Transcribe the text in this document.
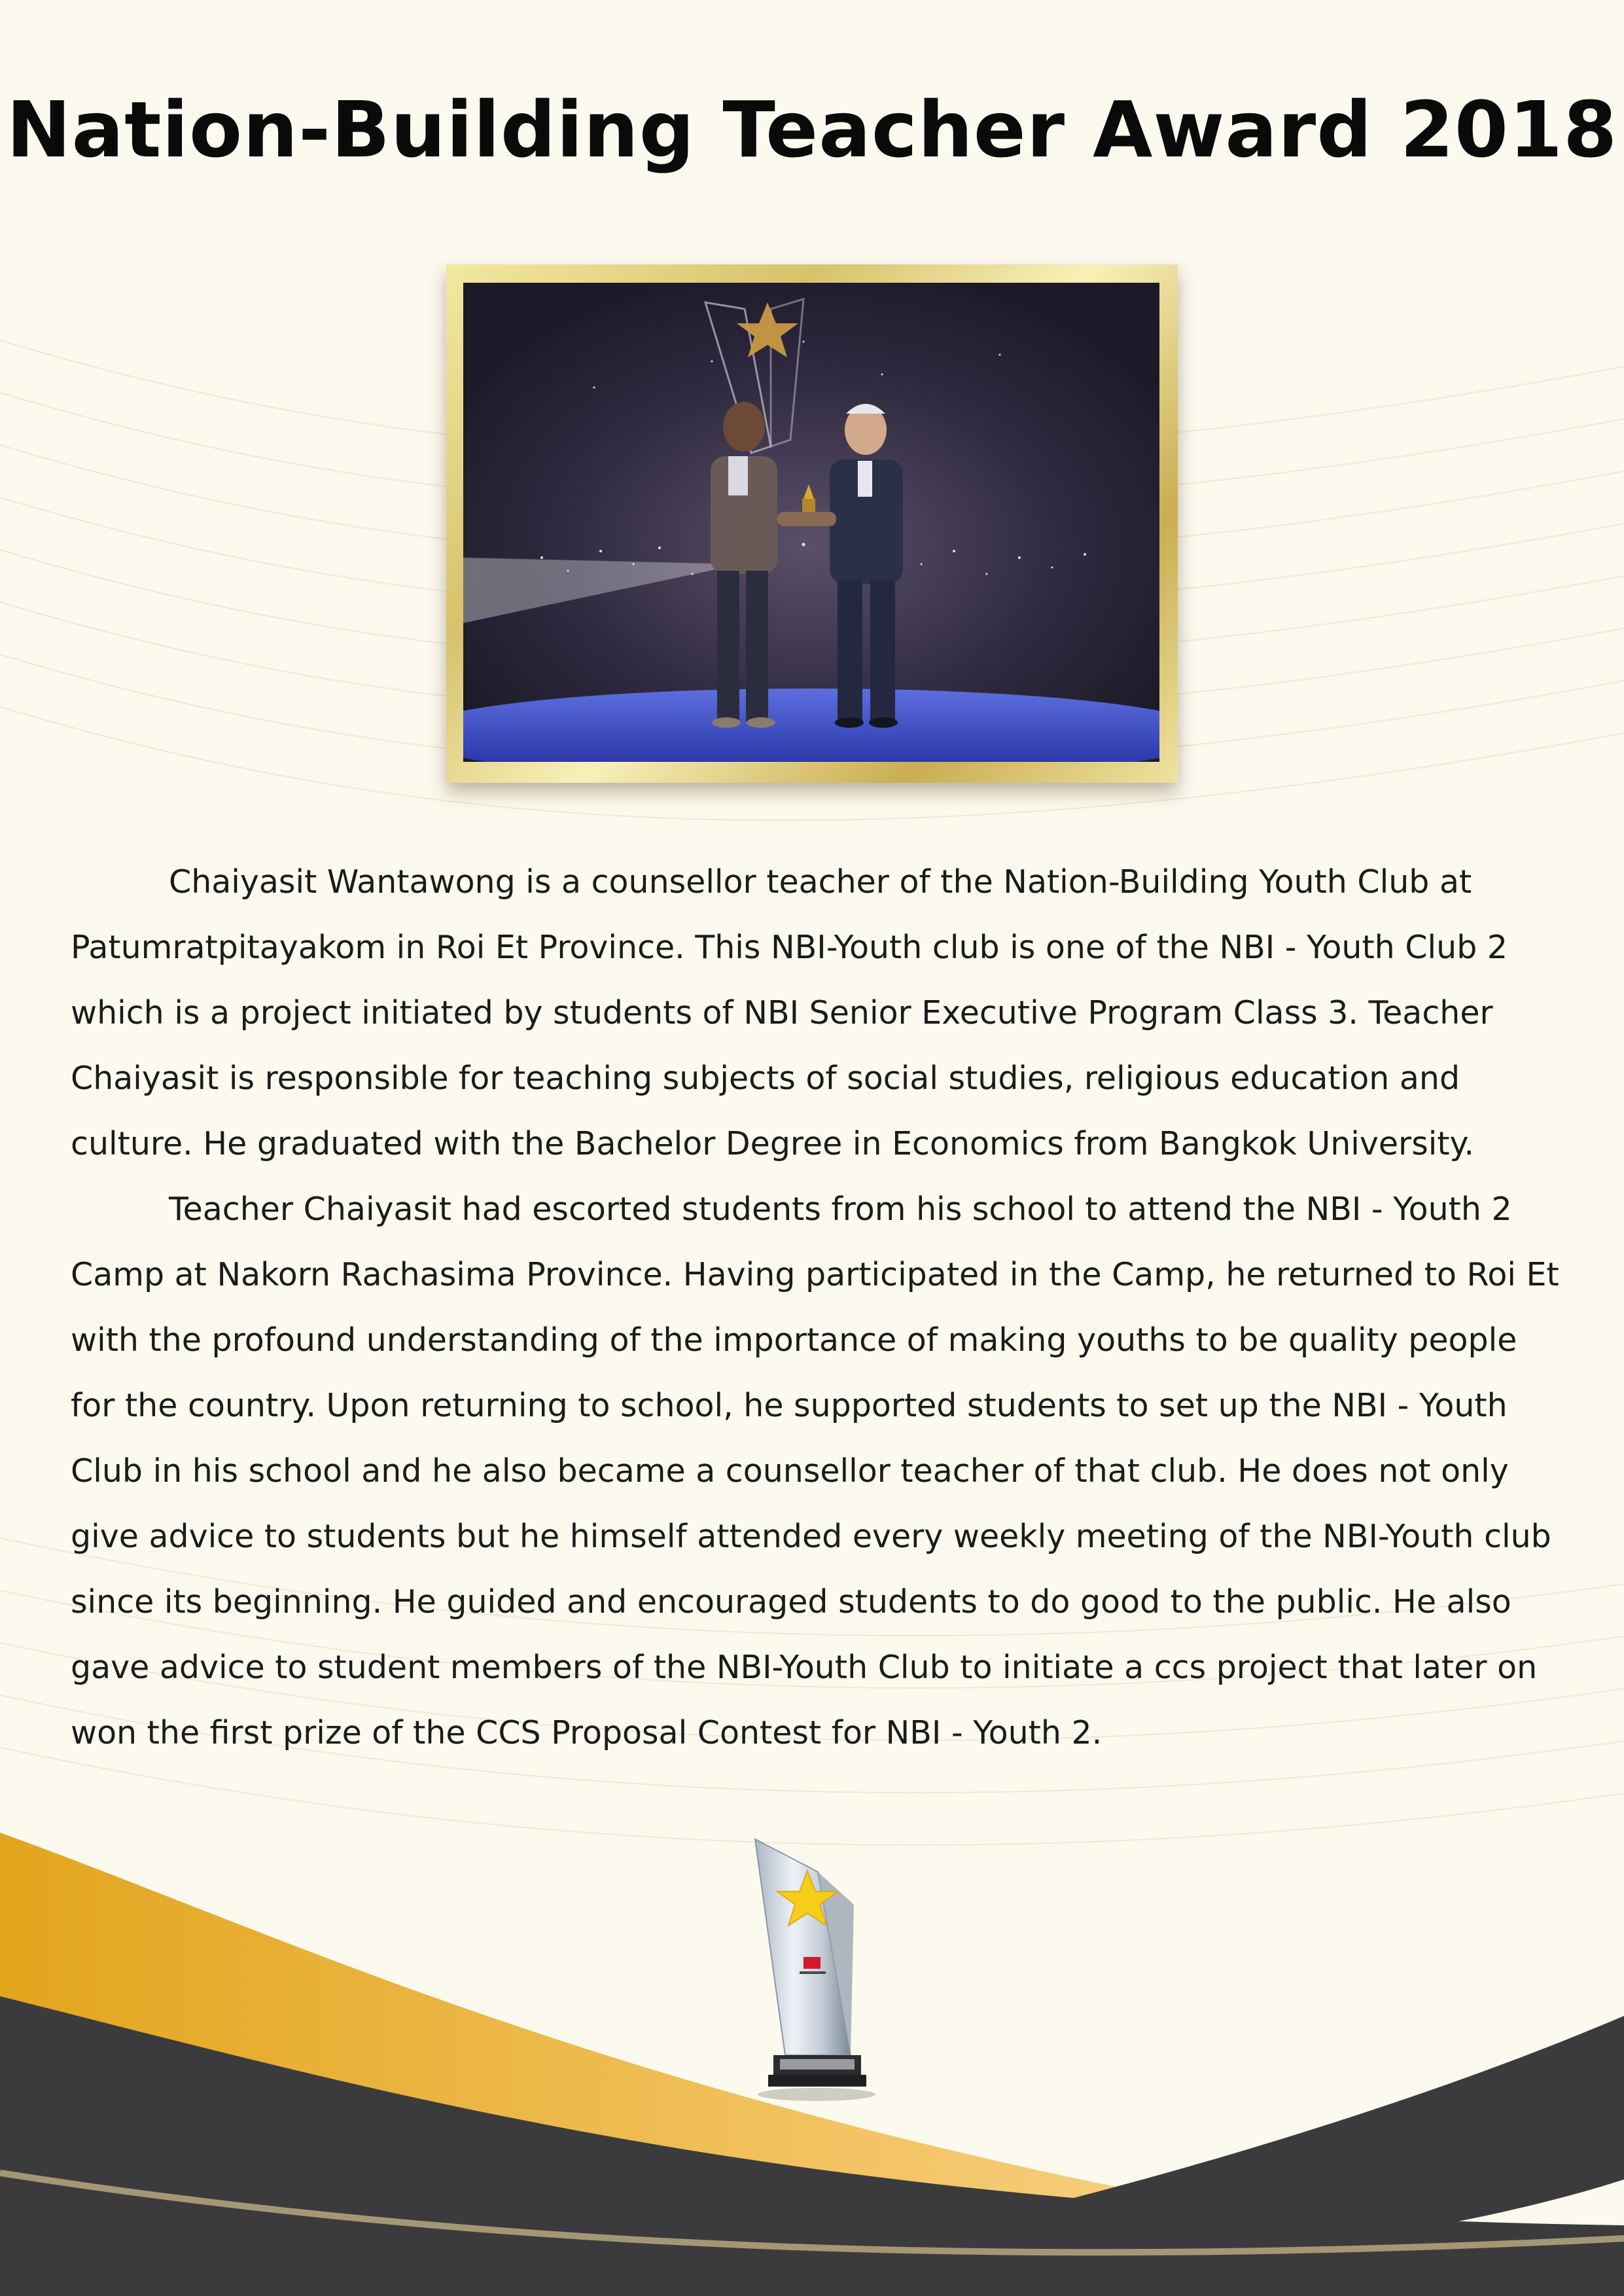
Nation-Building Teacher Award 2018

Chaiyasit Wantawong is a counsellor teacher of the Nation-Building Youth Club at
Patumratpitayakom in Roi Et Province. This NBI-Youth club is one of the NBI - Youth Club 2
which is a project initiated by students of NBI Senior Executive Program Class 3. Teacher
Chaiyasit is responsible for teaching subjects of social studies, religious education and
culture. He graduated with the Bachelor Degree in Economics from Bangkok University.

Teacher Chaiyasit had escorted students from his school to attend the NBI - Youth 2
Camp at Nakorn Rachasima Province. Having participated in the Camp, he returned to Roi Et
with the profound understanding of the importance of making youths to be quality people
for the country. Upon returning to school, he supported students to set up the NBI - Youth
Club in his school and he also became a counsellor teacher of that club. He does not only
give advice to students but he himself attended every weekly meeting of the NBI-Youth club
since its beginning. He guided and encouraged students to do good to the public. He also
gave advice to student members of the NBI-Youth Club to initiate a ccs project that later on
won the first prize of the CCS Proposal Contest for NBI - Youth 2.
